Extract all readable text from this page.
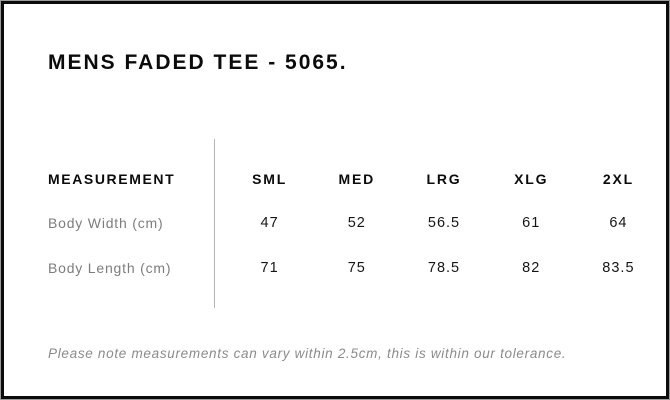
MENS FADED TEE - 5065.
MEASUREMENT	SML	MED	LRG	XLG	2XL
Body Width (cm)	47	52	56.5	61	64
Body Length (cm)	71	75	78.5	82	83.5

Please note measurements can vary within 2.5cm, this is within our tolerance.
